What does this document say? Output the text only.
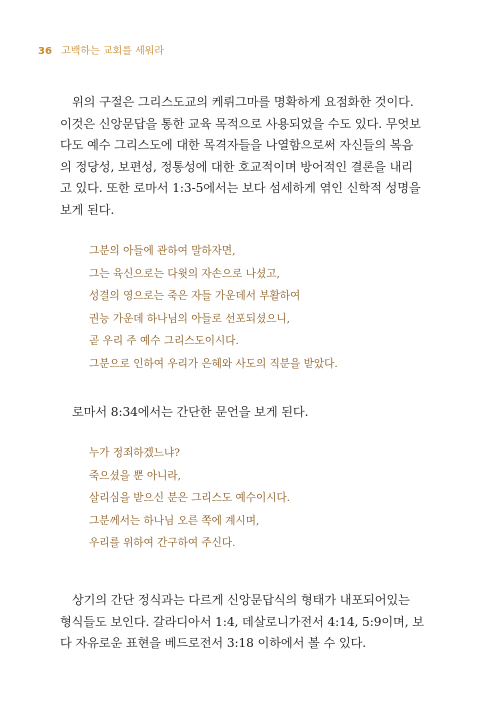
36 고백하는 교회를 세워라
위의 구절은 그리스도교의 케뤼그마를 명확하게 요점화한 것이다.
이것은 신앙문답을 통한 교육 목적으로 사용되었을 수도 있다. 무엇보
다도 예수 그리스도에 대한 목격자들을 나열함으로써 자신들의 복음
의 정당성, 보편성, 정통성에 대한 호교적이며 방어적인 결론을 내리
고 있다. 또한 로마서 1:3-5에서는 보다 섬세하게 엮인 신학적 성명을
보게 된다.
그분의 아들에 관하여 말하자면,
그는 육신으로는 다윗의 자손으로 나셨고,
성결의 영으로는 죽은 자들 가운데서 부활하여
권능 가운데 하나님의 아들로 선포되셨으니,
곧 우리 주 예수 그리스도이시다.
그분으로 인하여 우리가 은혜와 사도의 직분을 받았다.
로마서 8:34에서는 간단한 문언을 보게 된다.
누가 정죄하겠느냐?
죽으셨을 뿐 아니라,
살리심을 받으신 분은 그리스도 예수이시다.
그분께서는 하나님 오른 쪽에 계시며,
우리를 위하여 간구하여 주신다.
상기의 간단 정식과는 다르게 신앙문답식의 형태가 내포되어있는
형식들도 보인다. 갈라디아서 1:4, 데살로니가전서 4:14, 5:9이며, 보
다 자유로운 표현을 베드로전서 3:18 이하에서 볼 수 있다.
